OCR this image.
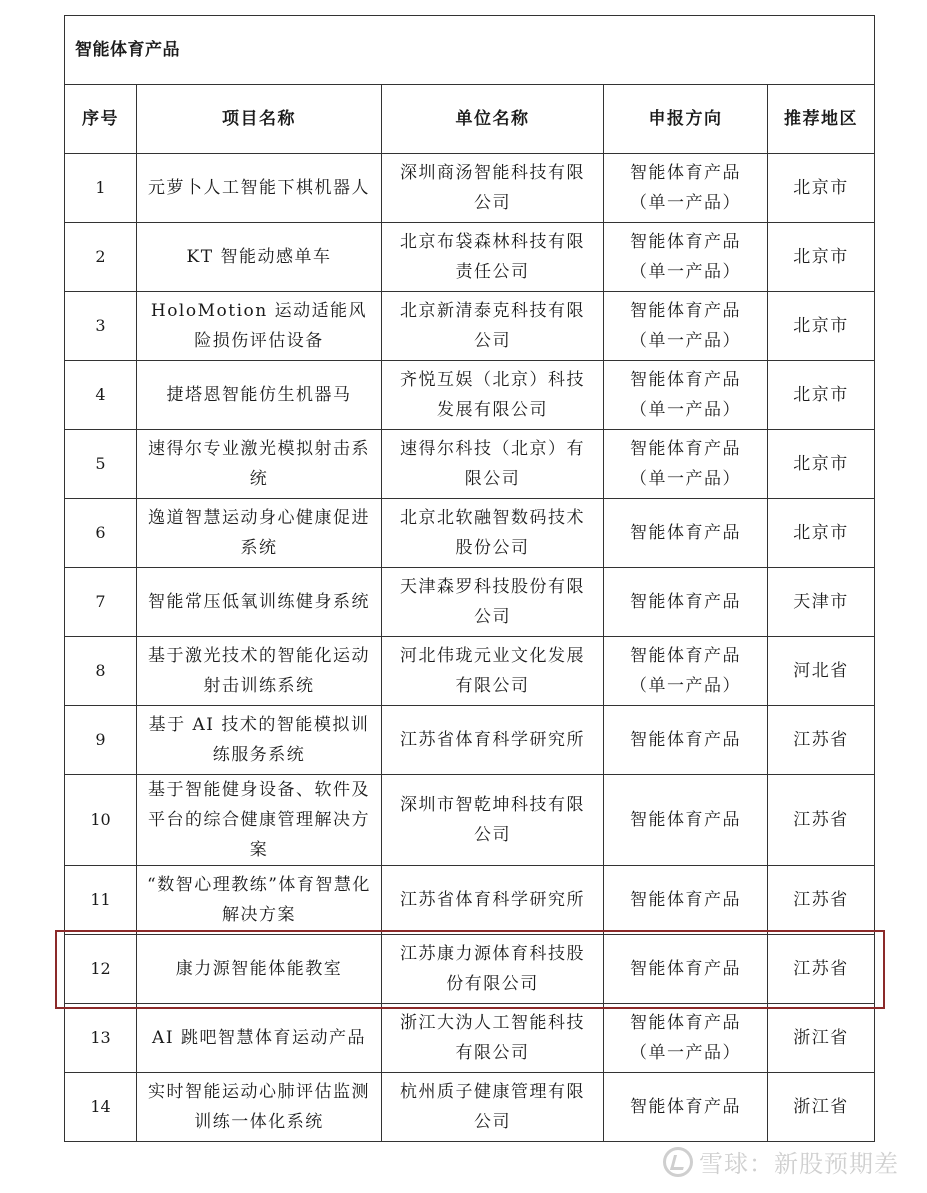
智能体育产品				
序号	项目名称	单位名称	申报方向	推荐地区
1	元萝卜人工智能下棋机器人	深圳商汤智能科技有限公司	智能体育产品（单一产品）	北京市
2	KT 智能动感单车	北京布袋森林科技有限责任公司	智能体育产品（单一产品）	北京市
3	HoloMotion 运动适能风险损伤评估设备	北京新清泰克科技有限公司	智能体育产品（单一产品）	北京市
4	捷塔恩智能仿生机器马	齐悦互娱（北京）科技发展有限公司	智能体育产品（单一产品）	北京市
5	速得尔专业激光模拟射击系统	速得尔科技（北京）有限公司	智能体育产品（单一产品）	北京市
6	逸道智慧运动身心健康促进系统	北京北软融智数码技术股份公司	智能体育产品	北京市
7	智能常压低氧训练健身系统	天津森罗科技股份有限公司	智能体育产品	天津市
8	基于激光技术的智能化运动射击训练系统	河北伟珑元业文化发展有限公司	智能体育产品（单一产品）	河北省
9	基于 AI 技术的智能模拟训练服务系统	江苏省体育科学研究所	智能体育产品	江苏省
10	基于智能健身设备、软件及平台的综合健康管理解决方案	深圳市智乾坤科技有限公司	智能体育产品	江苏省
11	“数智心理教练”体育智慧化解决方案	江苏省体育科学研究所	智能体育产品	江苏省
12	康力源智能体能教室	江苏康力源体育科技股份有限公司	智能体育产品	江苏省
13	AI 跳吧智慧体育运动产品	浙江大沩人工智能科技有限公司	智能体育产品（单一产品）	浙江省
14	实时智能运动心肺评估监测训练一体化系统	杭州质子健康管理有限公司	智能体育产品	浙江省
雪球：新股预期差
